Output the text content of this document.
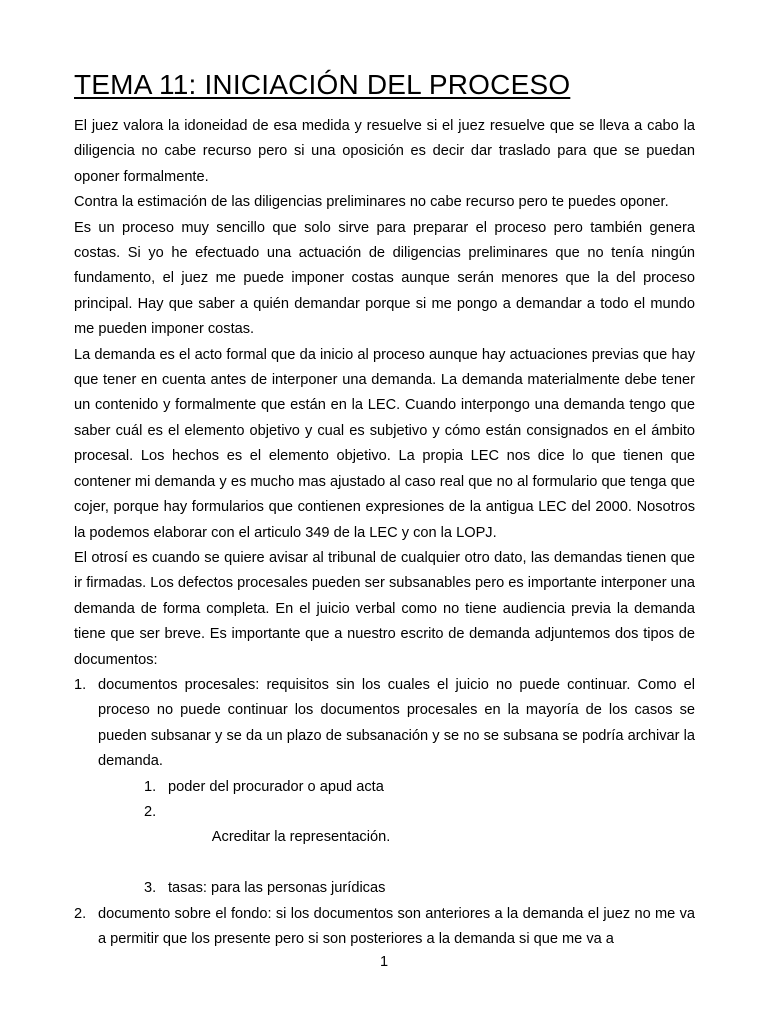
TEMA 11: INICIACIÓN DEL PROCESO

El juez valora la idoneidad de esa medida y resuelve si el juez resuelve que se lleva a cabo la diligencia no cabe recurso pero si una oposición es decir dar traslado para que se puedan oponer formalmente.

Contra la estimación de las diligencias preliminares no cabe recurso pero te puedes oponer.

Es un proceso muy sencillo que solo sirve para preparar el proceso pero también genera costas. Si yo he efectuado una actuación de diligencias preliminares que no tenía ningún fundamento, el juez me puede imponer costas aunque serán menores que la del proceso principal. Hay que saber a quién demandar porque si me pongo a demandar a todo el mundo me pueden imponer costas.

La demanda es el acto formal que da inicio al proceso aunque hay actuaciones previas que hay que tener en cuenta antes de interponer una demanda. La demanda materialmente debe tener un contenido y formalmente que están en la LEC. Cuando interpongo una demanda tengo que saber cuál es el elemento objetivo y cual es subjetivo y cómo están consignados en el ámbito procesal. Los hechos es el elemento objetivo. La propia LEC nos dice lo que tienen que contener mi demanda y es mucho mas ajustado al caso real que no al formulario que tenga que cojer, porque hay formularios que contienen expresiones de la antigua LEC del 2000. Nosotros la podemos elaborar con el articulo 349 de la LEC y con la LOPJ.

El otrosí es cuando se quiere avisar al tribunal de cualquier otro dato, las demandas tienen que ir firmadas. Los defectos procesales pueden ser subsanables pero es importante interponer una demanda de forma completa. En el juicio verbal como no tiene audiencia previa la demanda tiene que ser breve. Es importante que a nuestro escrito de demanda adjuntemos dos tipos de documentos:

1. documentos procesales: requisitos sin los cuales el juicio no puede continuar. Como el proceso no puede continuar los documentos procesales en la mayoría de los casos se pueden subsanar y se da un plazo de subsanación y se no se subsana se podría archivar la demanda.
1. poder del procurador o apud acta

2.
Acreditar la representación.

3. tasas: para las personas jurídicas
2. documento sobre el fondo: si los documentos son anteriores a la demanda el juez no me va a permitir que los presente pero si son posteriores a la demanda si que me va a
1
